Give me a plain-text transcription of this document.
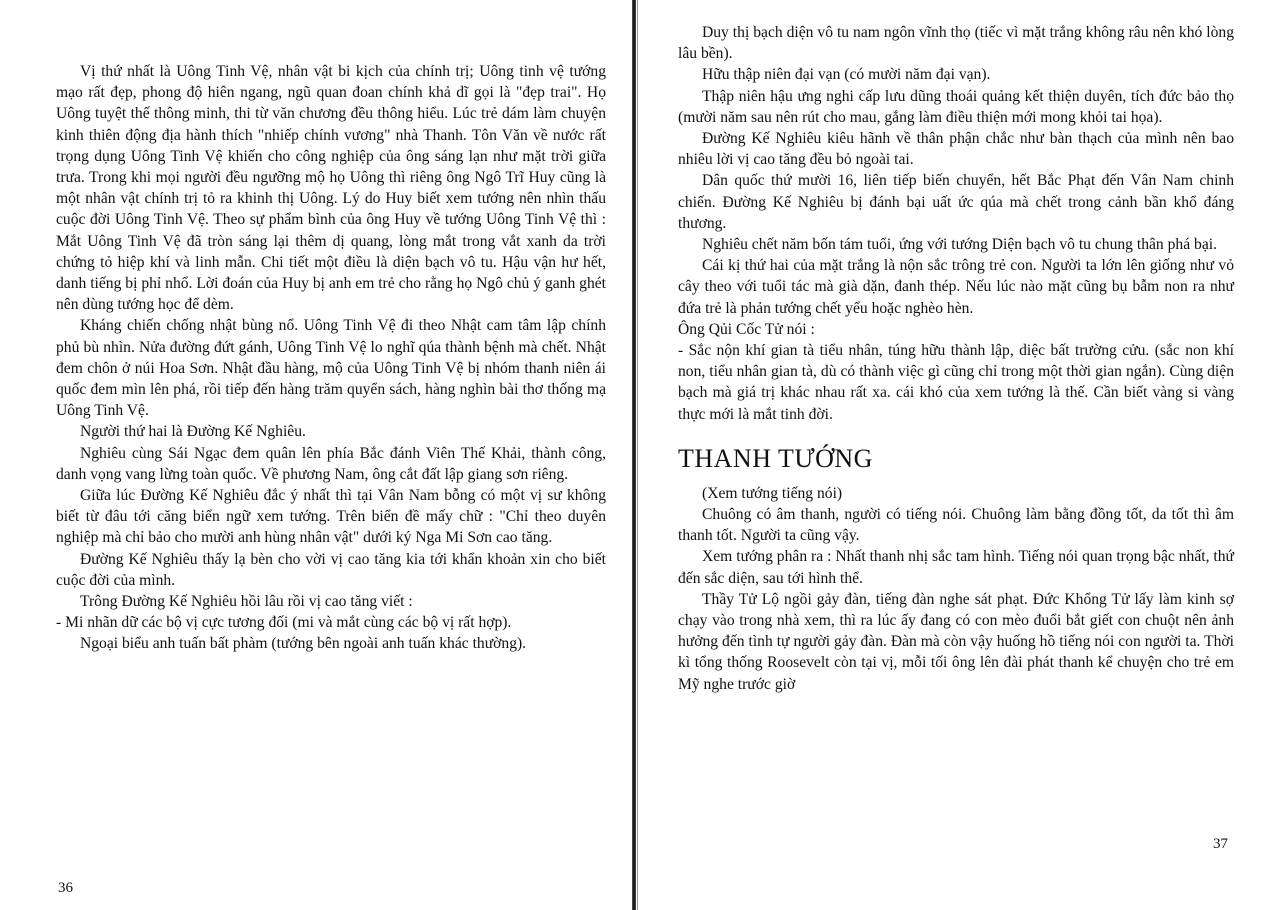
Vị thứ nhất là Uông Tinh Vệ, nhân vật bi kịch của chính trị; Uông tinh vệ tướng mạo rất đẹp, phong độ hiên ngang, ngũ quan đoan chính khả dĩ gọi là "đẹp trai". Họ Uông tuyệt thế thông minh, thi từ văn chương đều thông hiểu. Lúc trẻ dám làm chuyện kinh thiên động địa hành thích "nhiếp chính vương" nhà Thanh. Tôn Văn về nước rất trọng dụng Uông Tinh Vệ khiến cho công nghiệp của ông sáng lạn như mặt trời giữa trưa. Trong khi mọi người đều ngưỡng mộ họ Uông thì riêng ông Ngô Trĩ Huy cũng là một nhân vật chính trị tỏ ra khinh thị Uông. Lý do Huy biết xem tướng nên nhìn thấu cuộc đời Uông Tinh Vệ. Theo sự phẩm bình của ông Huy về tướng Uông Tinh Vệ thì : Mắt Uông Tinh Vệ đã tròn sáng lại thêm dị quang, lòng mắt trong vắt xanh da trời chứng tỏ hiệp khí và linh mẫn. Chi tiết một điều là diện bạch vô tu. Hậu vận hư hết, danh tiếng bị phỉ nhổ. Lời đoán của Huy bị anh em trẻ cho rằng họ Ngô chủ ý ganh ghét nên dùng tướng học để dèm.

Kháng chiến chống nhật bùng nổ. Uông Tinh Vệ đi theo Nhật cam tâm lập chính phủ bù nhìn. Nửa đường đứt gánh, Uông Tinh Vệ lo nghĩ qúa thành bệnh mà chết. Nhật đem chôn ở núi Hoa Sơn. Nhật đầu hàng, mộ của Uông Tinh Vệ bị nhóm thanh niên ái quốc đem mìn lên phá, rồi tiếp đến hàng trăm quyển sách, hàng nghìn bài thơ thống mạ Uông Tinh Vệ.

Người thứ hai là Đường Kế Nghiêu.

Nghiêu cùng Sái Ngạc đem quân lên phía Bắc đánh Viên Thế Khải, thành công, danh vọng vang lừng toàn quốc. Về phương Nam, ông cắt đất lập giang sơn riêng.

Giữa lúc Đường Kế Nghiêu đắc ý nhất thì tại Vân Nam bỗng có một vị sư không biết từ đâu tới căng biển ngữ xem tướng. Trên biển đề mấy chữ : "Chỉ theo duyên nghiệp mà chỉ bảo cho mười anh hùng nhân vật" dưới ký Nga Mi Sơn cao tăng.

Đường Kế Nghiêu thấy lạ bèn cho vời vị cao tăng kia tới khẩn khoản xin cho biết cuộc đời của mình.

Trông Đường Kế Nghiêu hồi lâu rồi vị cao tăng viết :

- Mi nhãn dữ các bộ vị cực tương đối (mi và mắt cùng các bộ vị rất hợp).

Ngoại biểu anh tuấn bất phàm (tướng bên ngoài anh tuấn khác thường).

36

Duy thị bạch diện vô tu nam ngôn vĩnh thọ (tiếc vì mặt trắng không râu nên khó lòng lâu bền).

Hữu thập niên đại vạn (có mười năm đại vạn).

Thập niên hậu ưng nghi cấp lưu dũng thoái quảng kết thiện duyên, tích đức bảo thọ (mười năm sau nên rút cho mau, gắng làm điều thiện mới mong khỏi tai họa).

Đường Kế Nghiêu kiêu hãnh về thân phận chắc như bàn thạch của mình nên bao nhiêu lời vị cao tăng đều bỏ ngoài tai.

Dân quốc thứ mười 16, liên tiếp biến chuyển, hết Bắc Phạt đến Vân Nam chinh chiến. Đường Kế Nghiêu bị đánh bại uất ức qúa mà chết trong cảnh bần khổ đáng thương.

Nghiêu chết năm bốn tám tuổi, ứng với tướng Diện bạch vô tu chung thân phá bại.

Cái kị thứ hai của mặt trắng là nộn sắc trông trẻ con. Người ta lớn lên giống như vỏ cây theo với tuổi tác mà già dặn, đanh thép. Nếu lúc nào mặt cũng bụ bẫm non ra như đứa trẻ là phản tướng chết yểu hoặc nghèo hèn.

Ông Qủi Cốc Tử nói :

- Sắc nộn khí gian tà tiểu nhân, túng hữu thành lập, diệc bất trường cửu. (sắc non khí non, tiểu nhân gian tà, dù có thành việc gì cũng chỉ trong một thời gian ngắn). Cùng diện bạch mà giá trị khác nhau rất xa. cái khó của xem tướng là thế. Cần biết vàng si vàng thực mới là mắt tinh đời.

THANH TƯỚNG

(Xem tướng tiếng nói)

Chuông có âm thanh, người có tiếng nói. Chuông làm bằng đồng tốt, da tốt thì âm thanh tốt. Người ta cũng vậy.

Xem tướng phân ra : Nhất thanh nhị sắc tam hình. Tiếng nói quan trọng bậc nhất, thứ đến sắc diện, sau tới hình thể.

Thầy Tử Lộ ngồi gảy đàn, tiếng đàn nghe sát phạt. Đức Khổng Tử lấy làm kinh sợ chạy vào trong nhà xem, thì ra lúc ấy đang có con mèo đuổi bắt giết con chuột nên ảnh hưởng đến tình tự người gảy đàn. Đàn mà còn vậy huống hồ tiếng nói con người ta. Thời kì tổng thống Roosevelt còn tại vị, mỗi tối ông lên đài phát thanh kể chuyện cho trẻ em Mỹ nghe trước giờ

37
